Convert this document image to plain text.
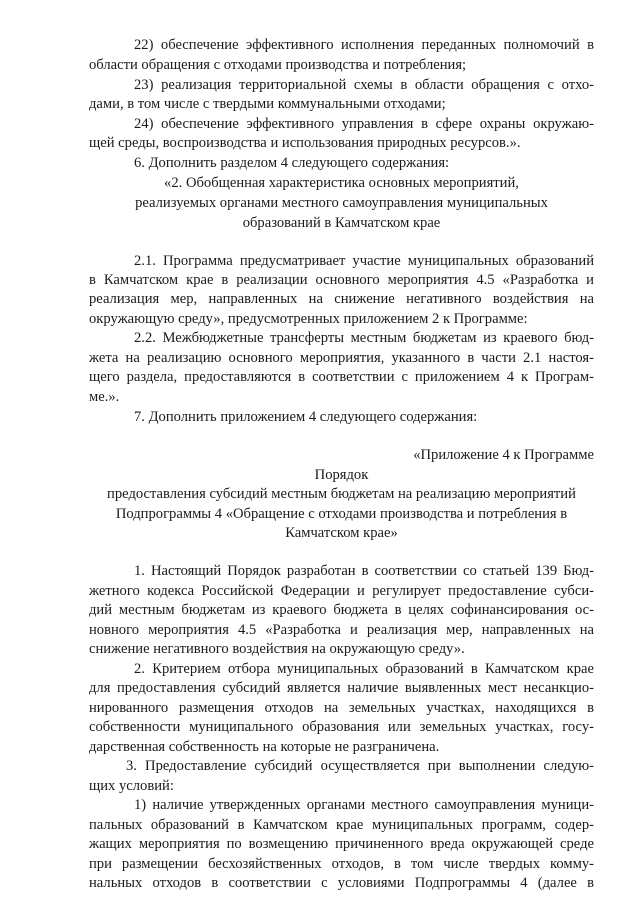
22) обеспечение эффективного исполнения переданных полномочий в
области обращения с отходами производства и потребления;
23) реализация территориальной схемы в области обращения с отхо-
дами, в том числе с твердыми коммунальными отходами;
24) обеспечение эффективного управления в сфере охраны окружаю-
щей среды, воспроизводства и использования природных ресурсов.».
6. Дополнить разделом 4 следующего содержания:
«2. Обобщенная характеристика основных мероприятий,
реализуемых органами местного самоуправления муниципальных
образований в Камчатском крае
2.1. Программа предусматривает участие муниципальных образований
в Камчатском крае в реализации основного мероприятия 4.5 «Разработка и
реализация мер, направленных на снижение негативного воздействия на
окружающую среду», предусмотренных приложением 2 к Программе:
2.2. Межбюджетные трансферты местным бюджетам из краевого бюд-
жета на реализацию основного мероприятия, указанного в части 2.1 настоя-
щего раздела, предоставляются в соответствии с приложением 4 к Програм-
ме.».
7. Дополнить приложением 4 следующего содержания:
«Приложение 4 к Программе
Порядок
предоставления субсидий местным бюджетам на реализацию мероприятий
Подпрограммы 4 «Обращение с отходами производства и потребления в
Камчатском крае»
1. Настоящий Порядок разработан в соответствии со статьей 139 Бюд-
жетного кодекса Российской Федерации и регулирует предоставление субси-
дий местным бюджетам из краевого бюджета в целях софинансирования ос-
новного мероприятия 4.5 «Разработка и реализация мер, направленных на
снижение негативного воздействия на окружающую среду».
2. Критерием отбора муниципальных образований в Камчатском крае
для предоставления субсидий является наличие выявленных мест несанкцио-
нированного размещения отходов на земельных участках, находящихся в
собственности муниципального образования или земельных участках, госу-
дарственная собственность на которые не разграничена.
3. Предоставление субсидий осуществляется при выполнении следую-
щих условий:
1) наличие утвержденных органами местного самоуправления муници-
пальных образований в Камчатском крае муниципальных программ, содер-
жащих мероприятия по возмещению причиненного вреда окружающей среде
при размещении бесхозяйственных отходов, в том числе твердых комму-
нальных отходов в соответствии с условиями Подпрограммы 4 (далее в
